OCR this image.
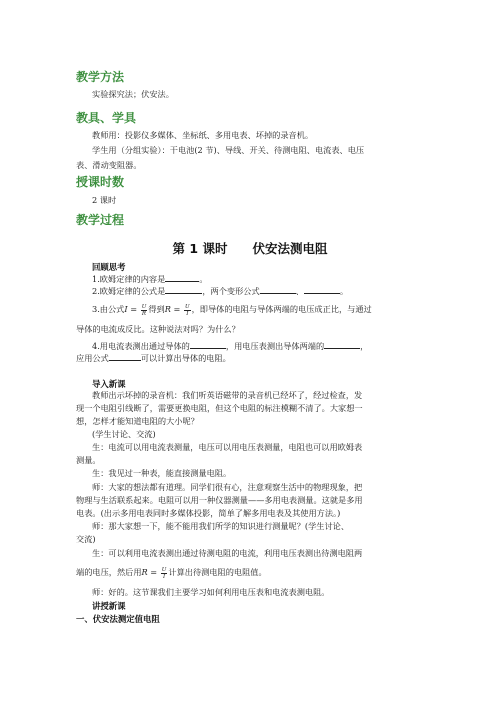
教学方法
实验探究法；伏安法。
教具、学具
教师用：投影仪多媒体、坐标纸、多用电表、坏掉的录音机。
学生用（分组实验）：干电池(2 节)、导线、开关、待测电阻、电流表、电压
表、滑动变阻器。
授课时数
2 课时
教学过程
第 1 课时　　伏安法测电阻
回顾思考
1.欧姆定律的内容是	。
2.欧姆定律的公式是	，两个变形公式	、	。
3.由公式$I = \frac{U}{R}$ 得到$R = \frac{U}{I}$ ，即导体的电阻与导体两端的电压成正比，与通过
导体的电流成反比。这种说法对吗？为什么？
4.用电流表测出通过导体的	，用电压表测出导体两端的	，
应用公式	可以计算出导体的电阻。
导入新课
教师出示坏掉的录音机：我们听英语磁带的录音机已经坏了，经过检查，发
现一个电阻引线断了，需要更换电阻，但这个电阻的标注模糊不清了。大家想一
想，怎样才能知道电阻的大小呢？
(学生讨论、交流)
生：电流可以用电流表测量，电压可以用电压表测量，电阻也可以用欧姆表
测量。
生：我见过一种表，能直接测量电阻。
师：大家的想法都有道理。同学们很有心，注意观察生活中的物理现象，把
物理与生活联系起来。电阻可以用一种仪器测量——多用电表测量。这就是多用
电表。(出示多用电表同时多媒体投影，简单了解多用电表及其使用方法。)
师：那大家想一下，能不能用我们所学的知识进行测量呢？(学生讨论、
交流)
生：可以利用电流表测出通过待测电阻的电流，利用电压表测出待测电阻两
端的电压，然后用$R = \frac{U}{I}$ 计算出待测电阻的电阻值。
师：好的。这节课我们主要学习如何利用电压表和电流表测电阻。
讲授新课
一、伏安法测定值电阻
